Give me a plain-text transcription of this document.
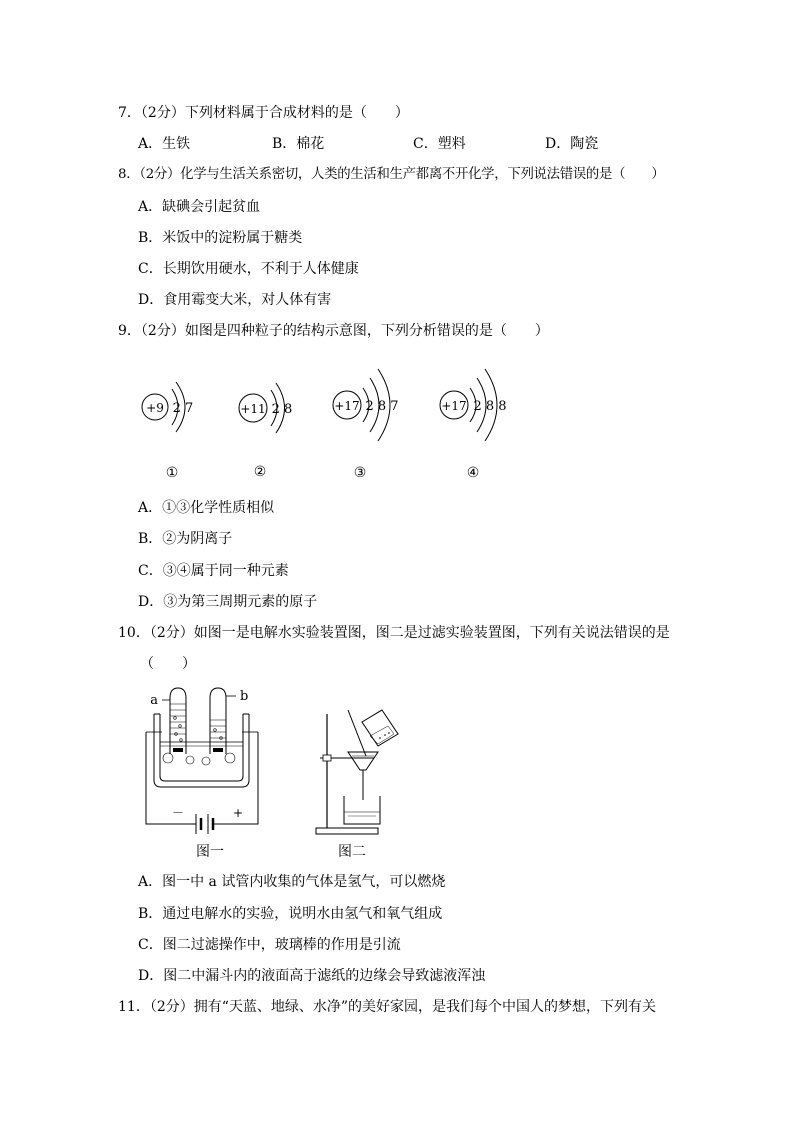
7．（2分）下列材料属于合成材料的是（　　）
A．生铁	B．棉花	C．塑料	D．陶瓷
8．（2分）化学与生活关系密切，人类的生活和生产都离不开化学，下列说法错误的是（　　）
A．缺碘会引起贫血
B．米饭中的淀粉属于糖类
C．长期饮用硬水，不利于人体健康
D．食用霉变大米，对人体有害
9．（2分）如图是四种粒子的结构示意图，下列分析错误的是（　　）
+9 2 7
①
+11 2 8
②
+17 2 8 7
③
+17 2 8 8
④
A．①③化学性质相似
B．②为阴离子
C．③④属于同一种元素
D．③为第三周期元素的原子
10．（2分）如图一是电解水实验装置图，图二是过滤实验装置图，下列有关说法错误的是
（　　）
a	b
－	+
图一	图二
A．图一中 a 试管内收集的气体是氢气，可以燃烧
B．通过电解水的实验，说明水由氢气和氧气组成
C．图二过滤操作中，玻璃棒的作用是引流
D．图二中漏斗内的液面高于滤纸的边缘会导致滤液浑浊
11．（2分）拥有“天蓝、地绿、水净”的美好家园，是我们每个中国人的梦想，下列有关
